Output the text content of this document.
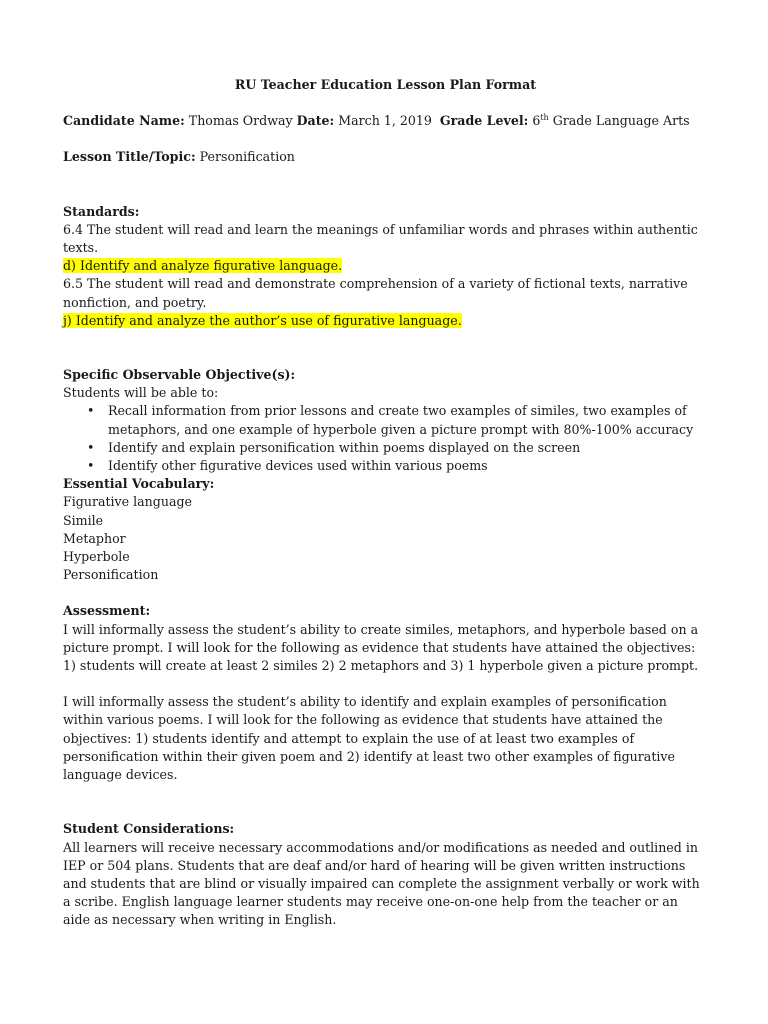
RU Teacher Education Lesson Plan Format

Candidate Name: Thomas Ordway Date: March 1, 2019 Grade Level: 6th Grade Language Arts

Lesson Title/Topic: Personification

Standards:

6.4 The student will read and learn the meanings of unfamiliar words and phrases within authentic texts.

d) Identify and analyze figurative language.

6.5 The student will read and demonstrate comprehension of a variety of fictional texts, narrative nonfiction, and poetry.

j) Identify and analyze the author’s use of figurative language.

Specific Observable Objective(s):

Students will be able to:

• Recall information from prior lessons and create two examples of similes, two examples of metaphors, and one example of hyperbole given a picture prompt with 80%-100% accuracy
• Identify and explain personification within poems displayed on the screen
• Identify other figurative devices used within various poems

Essential Vocabulary:

Figurative language
Simile
Metaphor
Hyperbole
Personification

Assessment:

I will informally assess the student’s ability to create similes, metaphors, and hyperbole based on a picture prompt. I will look for the following as evidence that students have attained the objectives: 1) students will create at least 2 similes 2) 2 metaphors and 3) 1 hyperbole given a picture prompt.

I will informally assess the student’s ability to identify and explain examples of personification within various poems. I will look for the following as evidence that students have attained the objectives: 1) students identify and attempt to explain the use of at least two examples of personification within their given poem and 2) identify at least two other examples of figurative language devices.

Student Considerations:

All learners will receive necessary accommodations and/or modifications as needed and outlined in IEP or 504 plans. Students that are deaf and/or hard of hearing will be given written instructions and students that are blind or visually impaired can complete the assignment verbally or work with a scribe. English language learner students may receive one-on-one help from the teacher or an aide as necessary when writing in English.
